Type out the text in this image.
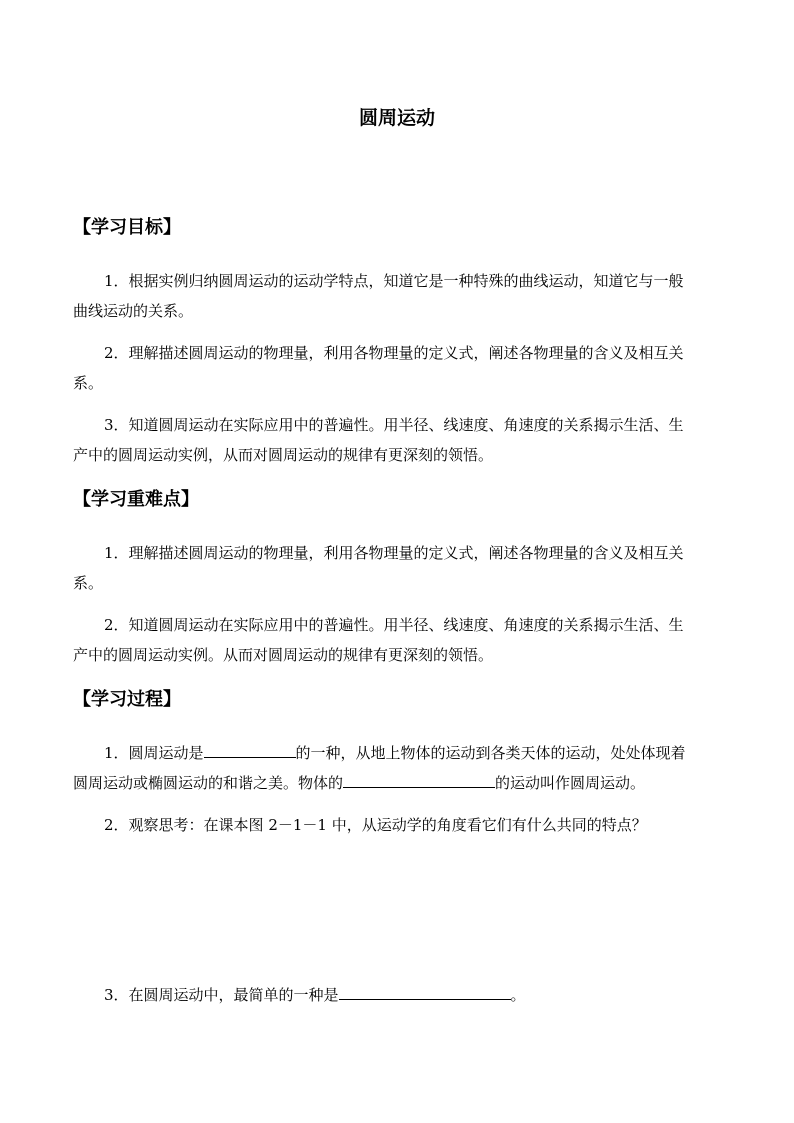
圆周运动
【学习目标】
1．根据实例归纳圆周运动的运动学特点，知道它是一种特殊的曲线运动，知道它与一般
曲线运动的关系。
2．理解描述圆周运动的物理量，利用各物理量的定义式，阐述各物理量的含义及相互关
系。
3．知道圆周运动在实际应用中的普遍性。用半径、线速度、角速度的关系揭示生活、生
产中的圆周运动实例，从而对圆周运动的规律有更深刻的领悟。
【学习重难点】
1．理解描述圆周运动的物理量，利用各物理量的定义式，阐述各物理量的含义及相互关
系。
2．知道圆周运动在实际应用中的普遍性。用半径、线速度、角速度的关系揭示生活、生
产中的圆周运动实例。从而对圆周运动的规律有更深刻的领悟。
【学习过程】
1．圆周运动是	的一种，从地上物体的运动到各类天体的运动，处处体现着
圆周运动或椭圆运动的和谐之美。物体的	的运动叫作圆周运动。
2．观察思考：在课本图 2－1－1 中，从运动学的角度看它们有什么共同的特点？
3．在圆周运动中，最简单的一种是	。
